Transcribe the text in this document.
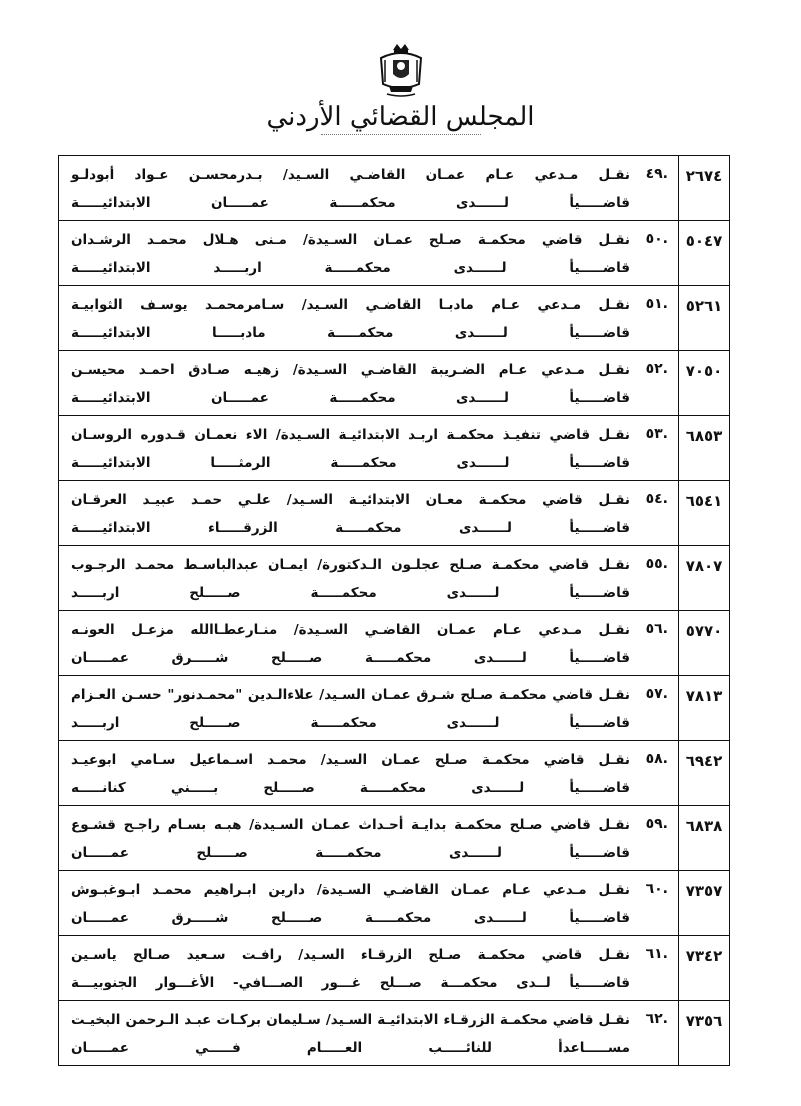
المجلس القضائي الأردني
٢٦٧٤	.٤٩
نقـل مـدعي عـام عمـان القاضـي السـيد/ بـدرمحسـن عـواد أبودلـو
قاضـــــيأ لــــــدى محكمـــــة عمـــــان الابتدائيـــــة

٥٠٤٧	.٥٠
نقـل قاضي محكمـة صـلح عمـان السـيدة/ مـنى هـلال محمـد الرشـدان
قاضـــــيأ لــــــدى محكمـــــة اربـــــد الابتدائيـــــة

٥٢٦١	.٥١
نقـل مـدعي عـام مادبـا القاضـي السـيد/ سـامرمحمـد يوسـف الثوابيـة
قاضـــــيأ لــــــدى محكمـــــة مادبـــــا الابتدائيـــــة

٧٠٥٠	.٥٢
نقـل مـدعي عـام الضـريبة القاضـي السـيدة/ زهيـه صـادق احمـد محيسـن
قاضـــــيأ لــــــدى محكمـــــة عمـــــان الابتدائيـــــة

٦٨٥٣	.٥٣
نقـل قاضي تنفيـذ محكمـة اربـد الابتدائيـة السـيدة/ الاء نعمـان قـدوره الروسـان
قاضـــــيأ لــــــدى محكمـــــة الرمثـــــا الابتدائيـــــة

٦٥٤١	.٥٤
نقـل قاضي محكمـة معـان الابتدائيـة السـيد/ علـي حمـد عبيـد العرقـان
قاضـــــيأ لــــــدى محكمـــــة الزرقـــــاء الابتدائيـــــة

٧٨٠٧	.٥٥
نقـل قاضي محكمـة صـلح عجلـون الـدكتورة/ ايمـان عبدالباسـط محمـد الرجـوب
قاضـــــيأ لــــــدى محكمـــــة صـــــلح اربـــــد

٥٧٧٠	.٥٦
نقـل مـدعي عـام عمـان القاضـي السـيدة/ منـارعطـاالله مزعـل العونـه
قاضـــــيأ لــــــدى محكمـــــة صـــــلح شـــــرق عمـــــان

٧٨١٣	.٥٧
نقـل قاضي محكمـة صـلح شـرق عمـان السـيد/ علاءالـدين "محمـدنور" حسـن العـزام
قاضـــــيأ لــــــدى محكمـــــة صـــــلح اربـــــد

٦٩٤٢	.٥٨
نقـل قاضي محكمـة صـلح عمـان السـيد/ محمـد اسـماعيل سـامي ابوعيـد
قاضـــــيأ لــــــدى محكمـــــة صـــــلح بـــــني كنانـــــه

٦٨٣٨	.٥٩
نقـل قاضي صـلح محكمـة بدايـة أحـداث عمـان السـيدة/ هبـه بسـام راجـح قشـوع
قاضـــــيأ لــــــدى محكمـــــة صـــــلح عمـــــان

٧٣٥٧	.٦٠
نقـل مـدعي عـام عمـان القاضـي السـيدة/ دارين ابـراهيم محمـد ابـوغبـوش
قاضـــــيأ لــــــدى محكمـــــة صـــــلح شـــــرق عمـــــان

٧٣٤٢	.٦١
نقـل قاضي محكمـة صـلح الزرقـاء السـيد/ رافـت سـعيد صـالح ياسـين
قاضـــــيأ لــدى محكمـــة صـــلح غـــور الصـــافي- الأغـــوار الجنوبيـــة

٧٣٥٦	.٦٢
نقـل قاضي محكمـة الزرقـاء الابتدائيـة السـيد/ سـليمان بركـات عبـد الـرحمن البخيـت
مســـــاعدأ للنائـــــب العـــــام فـــــي عمـــــان
